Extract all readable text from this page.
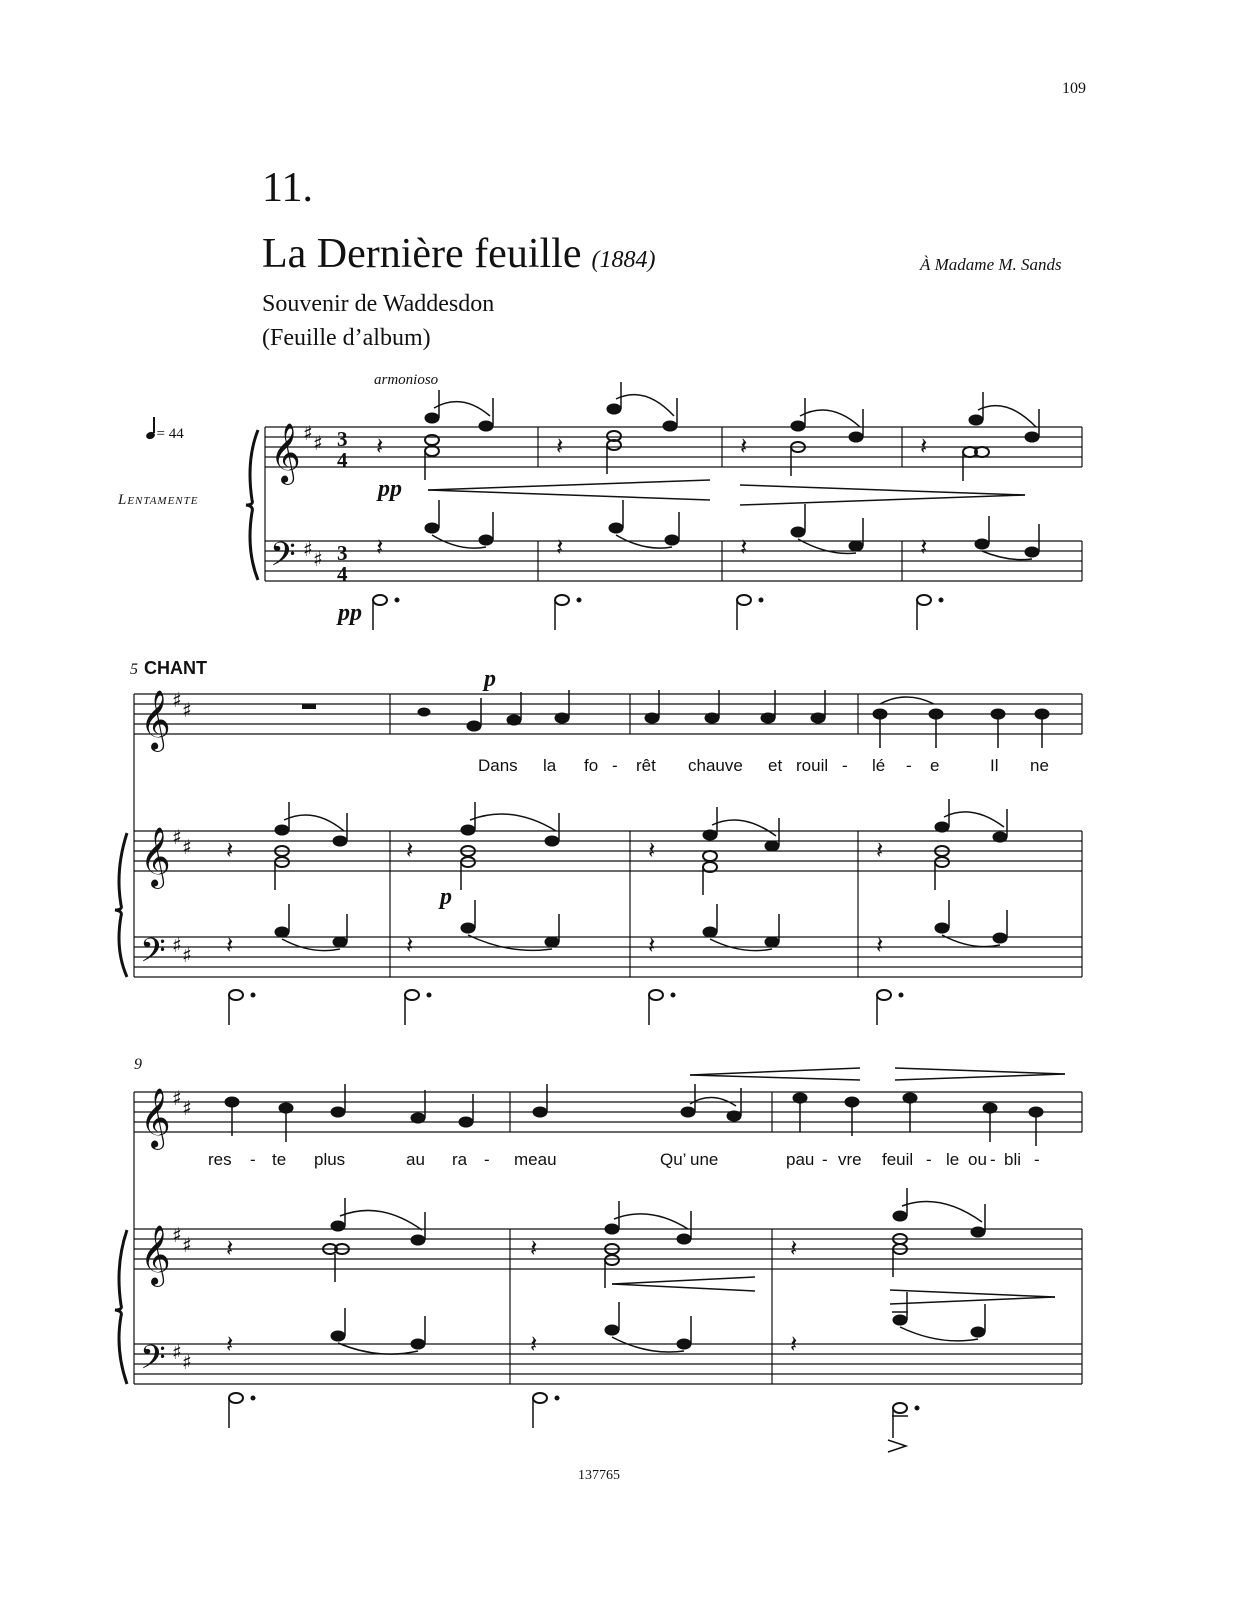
𝄞
𝄢
𝄞
𝄞
𝄢
𝄞
𝄞
𝄢
♯ ♯
♯ ♯
♯ ♯
♯ ♯
♯ ♯
♯ ♯
♯ ♯
♯ ♯
3
4
3
4
𝄽	𝄽	𝄽	𝄽
𝄽	𝄽	𝄽	𝄽
𝄽	𝄽	𝄽	𝄽
𝄽	𝄽	𝄽	𝄽
𝄽	𝄽	𝄽
𝄽	𝄽	𝄽
109
11.
La Dernière feuille (1884)	À Madame M. Sands
Souvenir de Waddesdon
(Feuille d’album)
armonioso
= 44
Lentamente	pp
pp
5 CHANT	p
p
9
Dans la fo - rêt chauve et rouil - lé - e	Il ne
res - te plus	au ra - meau	Qu’ une	pau - vre feuil - le ou - bli -
137765
